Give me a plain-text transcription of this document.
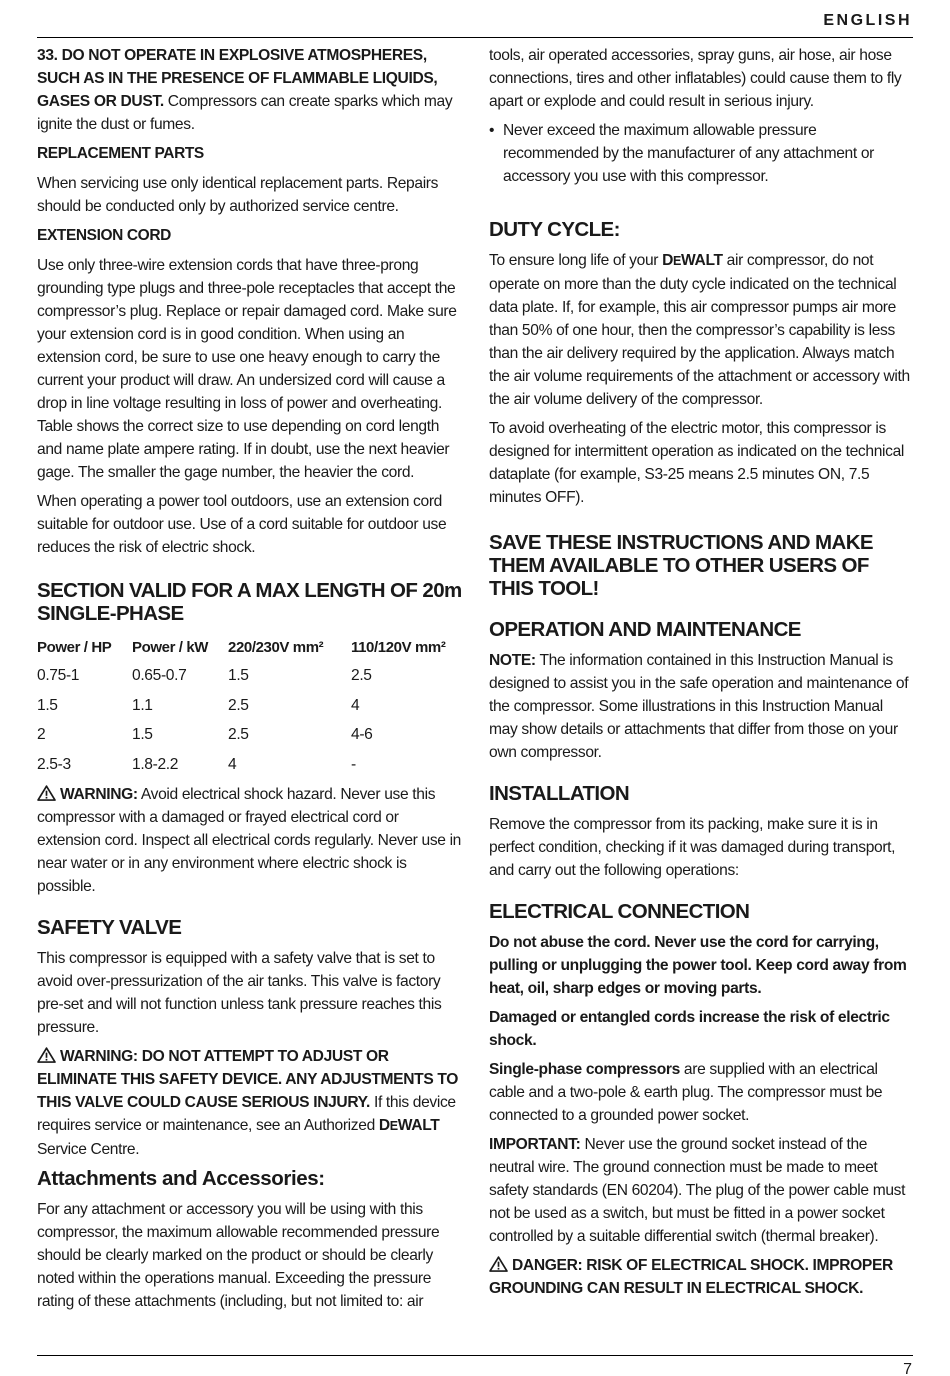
ENGLISH

33. DO NOT OPERATE IN EXPLOSIVE ATMOSPHERES, SUCH AS IN THE PRESENCE OF FLAMMABLE LIQUIDS, GASES OR DUST. Compressors can create sparks which may ignite the dust or fumes.

REPLACEMENT PARTS

When servicing use only identical replacement parts. Repairs should be conducted only by authorized service centre.

EXTENSION CORD

Use only three-wire extension cords that have three-prong grounding type plugs and three-pole receptacles that accept the compressor’s plug. Replace or repair damaged cord. Make sure your extension cord is in good condition. When using an extension cord, be sure to use one heavy enough to carry the current your product will draw. An undersized cord will cause a drop in line voltage resulting in loss of power and overheating. Table shows the correct size to use depending on cord length and name plate ampere rating. If in doubt, use the next heavier gage. The smaller the gage number, the heavier the cord.

When operating a power tool outdoors, use an extension cord suitable for outdoor use. Use of a cord suitable for outdoor use reduces the risk of electric shock.

SECTION VALID FOR A MAX LENGTH OF 20m SINGLE-PHASE
Power / HP	Power / kW	220/230V mm²	110/120V mm²
0.75-1	0.65-0.7	1.5	2.5
1.5	1.1	2.5	4
2	1.5	2.5	4-6
2.5-3	1.8-2.2	4	-

WARNING: Avoid electrical shock hazard. Never use this compressor with a damaged or frayed electrical cord or extension cord. Inspect all electrical cords regularly. Never use in near water or in any environment where electric shock is possible.

SAFETY VALVE

This compressor is equipped with a safety valve that is set to avoid over-pressurization of the air tanks. This valve is factory pre-set and will not function unless tank pressure reaches this pressure.

WARNING: DO NOT ATTEMPT TO ADJUST OR ELIMINATE THIS SAFETY DEVICE. ANY ADJUSTMENTS TO THIS VALVE COULD CAUSE SERIOUS INJURY. If this device requires service or maintenance, see an Authorized DEWALT Service Centre.

Attachments and Accessories:

For any attachment or accessory you will be using with this compressor, the maximum allowable recommended pressure should be clearly marked on the product or should be clearly noted within the operations manual. Exceeding the pressure rating of these attachments (including, but not limited to: air

tools, air operated accessories, spray guns, air hose, air hose connections, tires and other inflatables) could cause them to fly apart or explode and could result in serious injury.

• Never exceed the maximum allowable pressure recommended by the manufacturer of any attachment or accessory you use with this compressor.
DUTY CYCLE:

To ensure long life of your DEWALT air compressor, do not operate on more than the duty cycle indicated on the technical data plate. If, for example, this air compressor pumps air more than 50% of one hour, then the compressor’s capability is less than the air delivery required by the application. Always match the air volume requirements of the attachment or accessory with the air volume delivery of the compressor.

To avoid overheating of the electric motor, this compressor is designed for intermittent operation as indicated on the technical dataplate (for example, S3-25 means 2.5 minutes ON, 7.5 minutes OFF).

SAVE THESE INSTRUCTIONS AND MAKE THEM AVAILABLE TO OTHER USERS OF THIS TOOL!
OPERATION AND MAINTENANCE

NOTE: The information contained in this Instruction Manual is designed to assist you in the safe operation and maintenance of the compressor. Some illustrations in this Instruction Manual may show details or attachments that differ from those on your own compressor.

INSTALLATION

Remove the compressor from its packing, make sure it is in perfect condition, checking if it was damaged during transport, and carry out the following operations:

ELECTRICAL CONNECTION

Do not abuse the cord. Never use the cord for carrying, pulling or unplugging the power tool. Keep cord away from heat, oil, sharp edges or moving parts.

Damaged or entangled cords increase the risk of electric shock.

Single-phase compressors are supplied with an electrical cable and a two-pole & earth plug. The compressor must be connected to a grounded power socket.

IMPORTANT: Never use the ground socket instead of the neutral wire. The ground connection must be made to meet safety standards (EN 60204). The plug of the power cable must not be used as a switch, but must be fitted in a power socket controlled by a suitable differential switch (thermal breaker).

DANGER: RISK OF ELECTRICAL SHOCK. IMPROPER GROUNDING CAN RESULT IN ELECTRICAL SHOCK.

7
